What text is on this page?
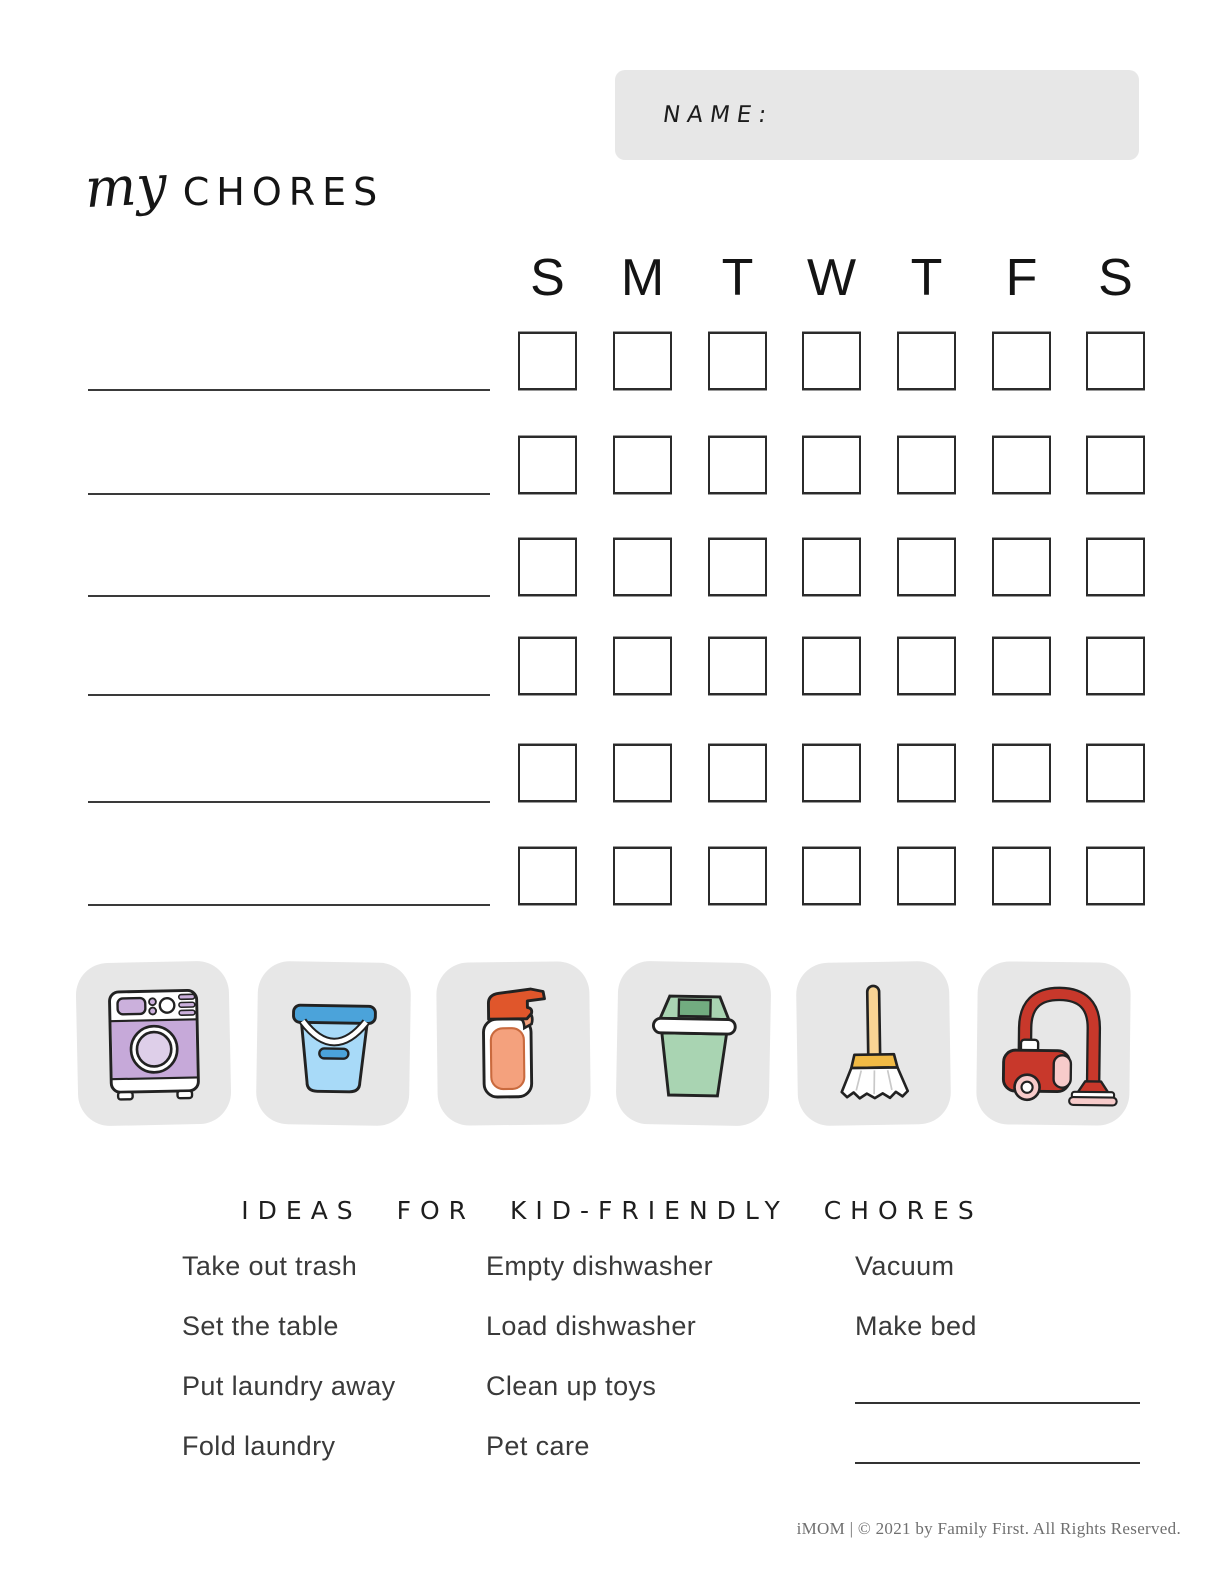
NAME:
my CHORES
S M T W T F S
IDEAS FOR KID-FRIENDLY CHORES
Take out trash
Set the table
Put laundry away
Fold laundry
Empty dishwasher
Load dishwasher
Clean up toys
Pet care
Vacuum
Make bed
iMOM | © 2021 by Family First. All Rights Reserved.
